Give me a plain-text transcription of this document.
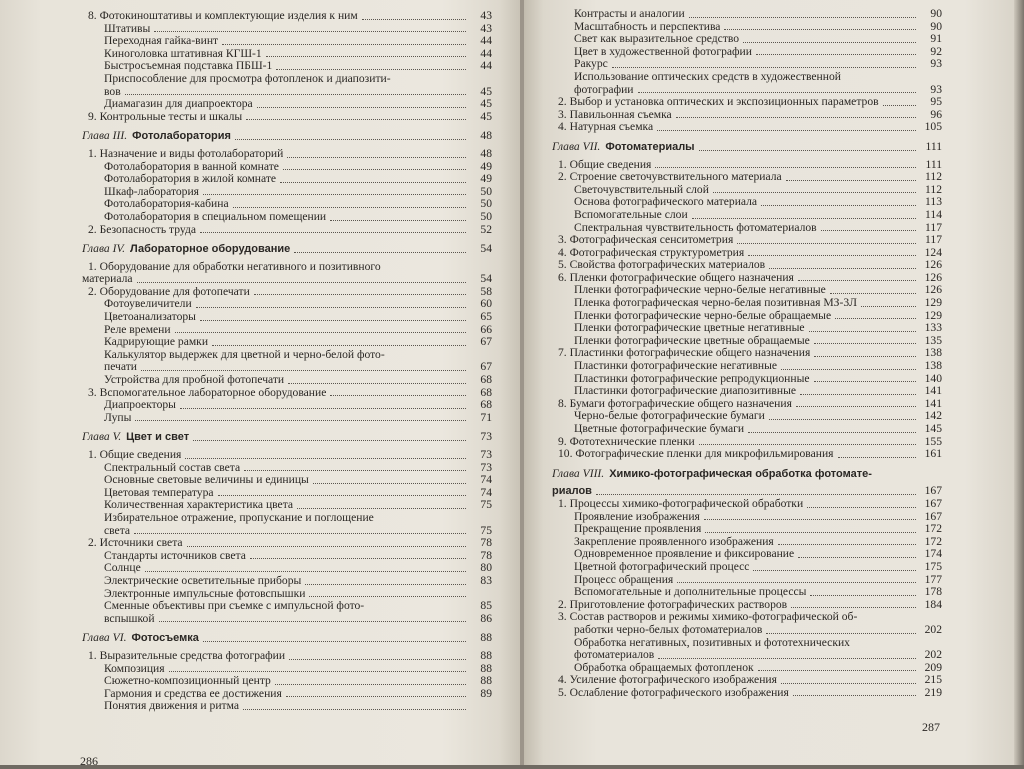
8. Фотокиноштативы и комплектующие изделия к ним	43
Штативы	43
Переходная гайка-винт	44
Киноголовка штативная КГШ-1	44
Быстросъемная подставка ПБШ-1	44
Приспособление для просмотра фотопленок и диапозити-
вов	45
Диамагазин для диапроектора	45
9. Контрольные тесты и шкалы	45
Глава III. Фотолаборатория	48
1. Назначение и виды фотолабораторий	48
Фотолаборатория в ванной комнате	49
Фотолаборатория в жилой комнате	49
Шкаф-лаборатория	50
Фотолаборатория-кабина	50
Фотолаборатория в специальном помещении	50
2. Безопасность труда	52
Глава IV. Лабораторное оборудование	54
1. Оборудование для обработки негативного и позитивного
материала	54
2. Оборудование для фотопечати	58
Фотоувеличители	60
Цветоанализаторы	65
Реле времени	66
Кадрирующие рамки	67
Калькулятор выдержек для цветной и черно-белой фото-
печати	67
Устройства для пробной фотопечати	68
3. Вспомогательное лабораторное оборудование	68
Диапроекторы	68
Лупы	71
Глава V. Цвет и свет	73
1. Общие сведения	73
Спектральный состав света	73
Основные световые величины и единицы	74
Цветовая температура	74
Количественная характеристика цвета	75
Избирательное отражение, пропускание и поглощение
света	75
2. Источники света	78
Стандарты источников света	78
Солнце	80
Электрические осветительные приборы	83
Электронные импульсные фотовспышки
Сменные объективы при съемке с импульсной фото-	85
вспышкой	86
Глава VI. Фотосъемка	88
1. Выразительные средства фотографии	88
Композиция	88
Сюжетно-композиционный центр	88
Гармония и средства ее достижения	89
Понятия движения и ритма
286
Контрасты и аналогии	90
Масштабность и перспектива	90
Свет как выразительное средство	91
Цвет в художественной фотографии	92
Ракурс	93
Использование оптических средств в художественной
фотографии	93
2. Выбор и установка оптических и экспозиционных параметров	95
3. Павильонная съемка	96
4. Натурная съемка	105
Глава VII. Фотоматериалы	111
1. Общие сведения	111
2. Строение светочувствительного материала	112
Светочувствительный слой	112
Основа фотографического материала	113
Вспомогательные слои	114
Спектральная чувствительность фотоматериалов	117
3. Фотографическая сенситометрия	117
4. Фотографическая структурометрия	124
5. Свойства фотографических материалов	126
6. Пленки фотографические общего назначения	126
Пленки фотографические черно-белые негативные	126
Пленка фотографическая черно-белая позитивная МЗ-3Л	129
Пленки фотографические черно-белые обращаемые	129
Пленки фотографические цветные негативные	133
Пленки фотографические цветные обращаемые	135
7. Пластинки фотографические общего назначения	138
Пластинки фотографические негативные	138
Пластинки фотографические репродукционные	140
Пластинки фотографические диапозитивные	141
8. Бумаги фотографические общего назначения	141
Черно-белые фотографические бумаги	142
Цветные фотографические бумаги	145
9. Фототехнические пленки	155
10. Фотографические пленки для микрофильмирования	161
Глава VIII. Химико-фотографическая обработка фотомате-
риалов	167
1. Процессы химико-фотографической обработки	167
Проявление изображения	167
Прекращение проявления	172
Закрепление проявленного изображения	172
Одновременное проявление и фиксирование	174
Цветной фотографический процесс	175
Процесс обращения	177
Вспомогательные и дополнительные процессы	178
2. Приготовление фотографических растворов	184
3. Состав растворов и режимы химико-фотографической об-
работки черно-белых фотоматериалов	202
Обработка негативных, позитивных и фототехнических
фотоматериалов	202
Обработка обращаемых фотопленок	209
4. Усиление фотографического изображения	215
5. Ослабление фотографического изображения	219
287
